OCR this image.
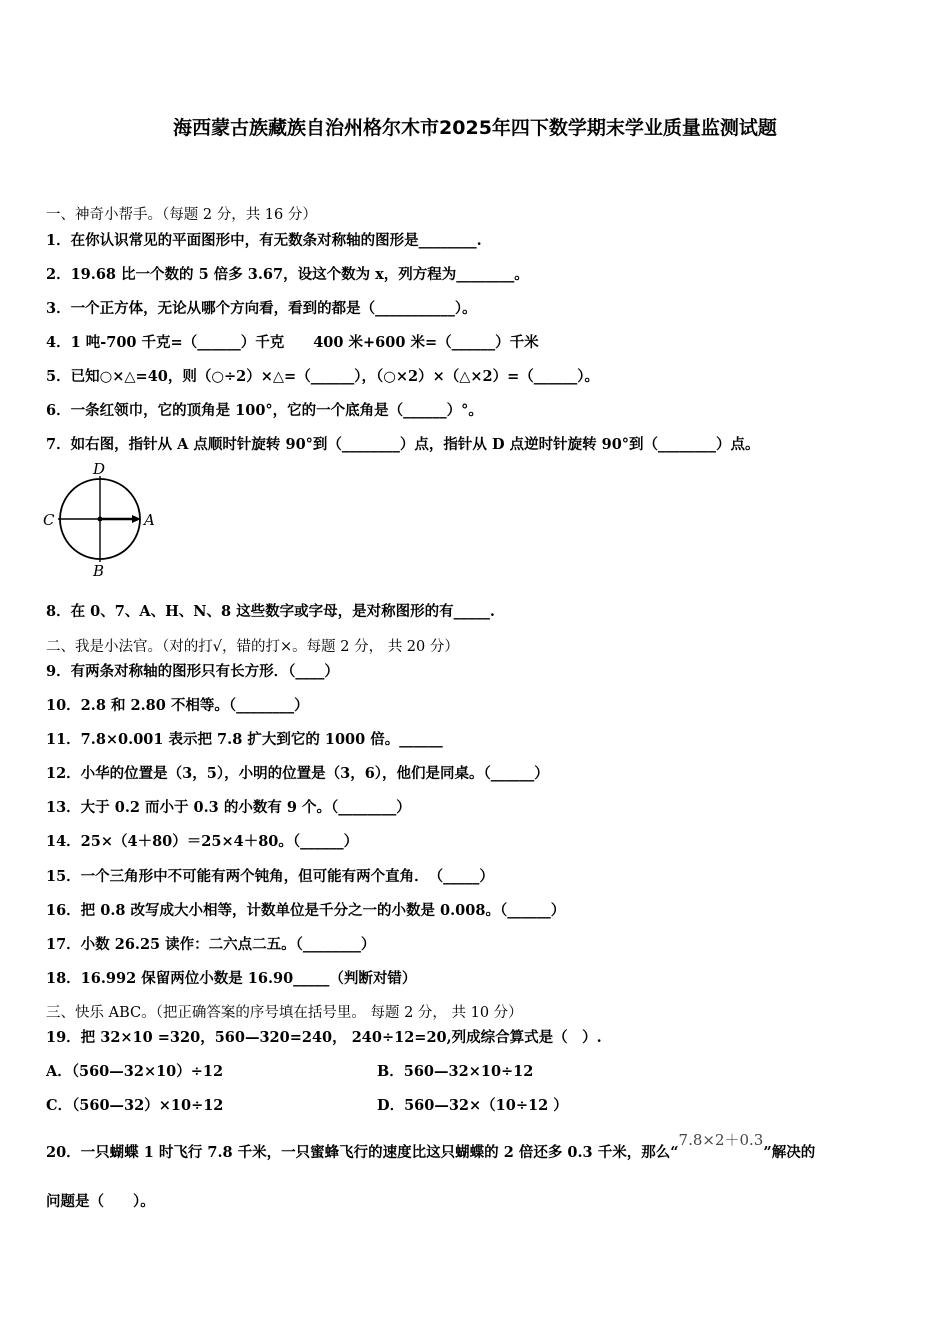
海西蒙古族藏族自治州格尔木市2025年四下数学期末学业质量监测试题
一、神奇小帮手。（每题 2 分，共 16 分）
1．在你认识常见的平面图形中，有无数条对称轴的图形是________.
2．19.68 比一个数的 5 倍多 3.67，设这个数为 x，列方程为________。
3．一个正方体，无论从哪个方向看，看到的都是（___________）。
4．1 吨-700 千克=（______）千克　　400 米+600 米=（______）千米
5．已知○×△=40，则（○÷2）×△=（______），（○×2）×（△×2）=（______）。
6．一条红领巾，它的顶角是 100°，它的一个底角是（______）°。
7．如右图，指针从 A 点顺时针旋转 90°到（________）点，指针从 D 点逆时针旋转 90°到（________）点。
D
C	A
B
8．在 0、7、A、H、N、8 这些数字或字母，是对称图形的有_____.
二、我是小法官。（对的打√，错的打×。每题 2 分， 共 20 分）
9．有两条对称轴的图形只有长方形．（____）
10．2.8 和 2.80 不相等。（________）
11．7.8×0.001 表示把 7.8 扩大到它的 1000 倍。______
12．小华的位置是（3，5），小明的位置是（3，6），他们是同桌。（______）
13．大于 0.2 而小于 0.3 的小数有 9 个。（________）
14．25×（4＋80）＝25×4＋80。（______）
15．一个三角形中不可能有两个钝角，但可能有两个直角．　（_____）
16．把 0.8 改写成大小相等，计数单位是千分之一的小数是 0.008。（______）
17．小数 26.25 读作：二六点二五。（________）
18．16.992 保留两位小数是 16.90_____（判断对错）
三、快乐 ABC。（把正确答案的序号填在括号里。 每题 2 分， 共 10 分）
19．把 32×10 =320，560—320=240， 240÷12=20,列成综合算式是（　）.
A．（560—32×10）÷12	B．560—32×10÷12
C．（560—32）×10÷12	D．560—32×（10÷12 ）
20．一只蝴蝶 1 时飞行 7.8 千米，一只蜜蜂飞行的速度比这只蝴蝶的 2 倍还多 0.3 千米，那么“7.8×2＋0.3”解决的
问题是（　　）。
